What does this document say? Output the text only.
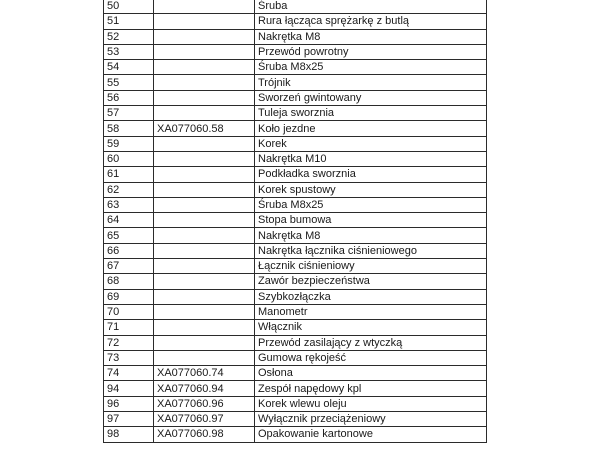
50		Śruba
51		Rura łącząca sprężarkę z butlą
52		Nakrętka M8
53		Przewód powrotny
54		Śruba M8x25
55		Trójnik
56		Sworzeń gwintowany
57		Tuleja sworznia
58	XA077060.58	Koło jezdne
59		Korek
60		Nakrętka M10
61		Podkładka sworznia
62		Korek spustowy
63		Śruba M8x25
64		Stopa bumowa
65		Nakrętka M8
66		Nakrętka łącznika ciśnieniowego
67		Łącznik ciśnieniowy
68		Zawór bezpieczeństwa
69		Szybkozłączka
70		Manometr
71		Włącznik
72		Przewód zasilający z wtyczką
73		Gumowa rękojeść
74	XA077060.74	Osłona
94	XA077060.94	Zespół napędowy kpl
96	XA077060.96	Korek wlewu oleju
97	XA077060.97	Wyłącznik przeciążeniowy
98	XA077060.98	Opakowanie kartonowe
